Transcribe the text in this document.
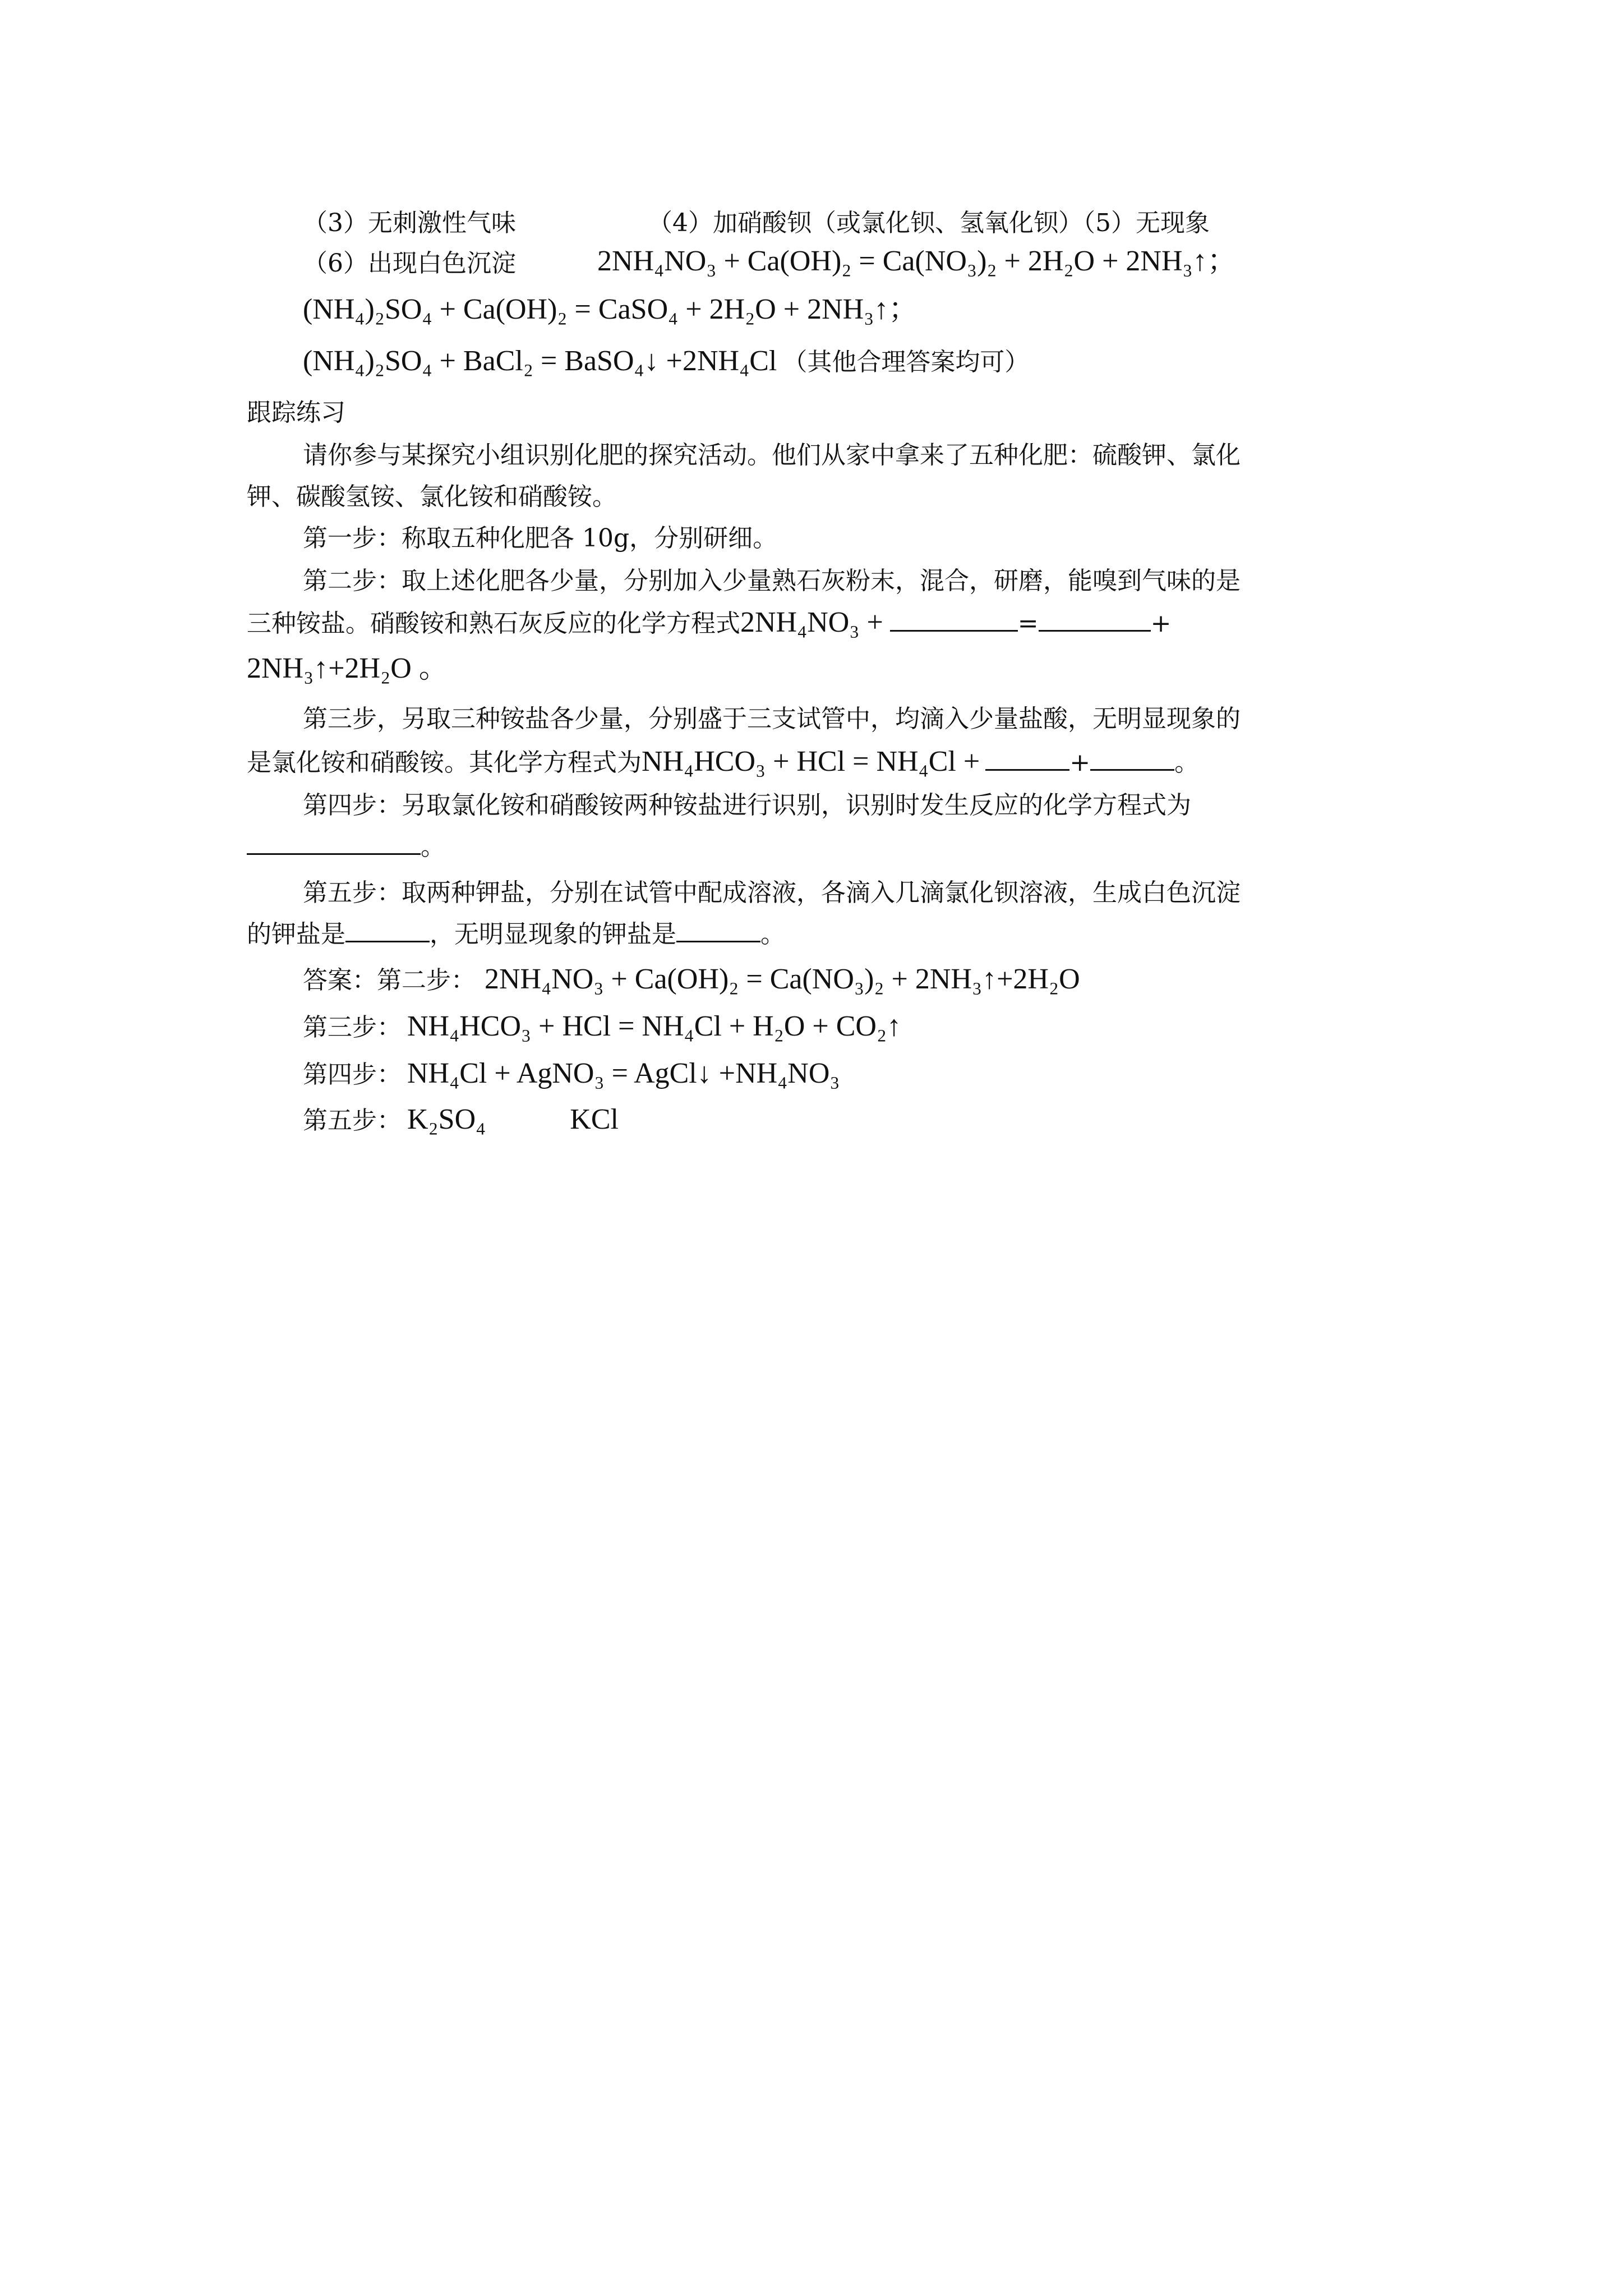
（3）无刺激性气味	（4）加硝酸钡（或氯化钡、氢氧化钡）（5）无现象
（6）出现白色沉淀	2NH₄NO₃ + Ca(OH)₂ = Ca(NO₃)₂ + 2H₂O + 2NH₃↑；
(NH₄)₂SO₄ + Ca(OH)₂ = CaSO₄ + 2H₂O + 2NH₃↑；
(NH₄)₂SO₄ + BaCl₂ = BaSO₄↓ +2NH₄Cl （其他合理答案均可）
跟踪练习
请你参与某探究小组识别化肥的探究活动。他们从家中拿来了五种化肥：硫酸钾、氯化
钾、碳酸氢铵、氯化铵和硝酸铵。
第一步：称取五种化肥各 10g，分别研细。
第二步：取上述化肥各少量，分别加入少量熟石灰粉末，混合，研磨，能嗅到气味的是
三种铵盐。硝酸铵和熟石灰反应的化学方程式2NH₄NO₃ +	=	+
2NH₃↑+2H₂O 。
第三步，另取三种铵盐各少量，分别盛于三支试管中，均滴入少量盐酸，无明显现象的
是氯化铵和硝酸铵。其化学方程式为NH₄HCO₃ + HCl = NH₄Cl +	+	。
第四步：另取氯化铵和硝酸铵两种铵盐进行识别，识别时发生反应的化学方程式为
。
第五步：取两种钾盐，分别在试管中配成溶液，各滴入几滴氯化钡溶液，生成白色沉淀
的钾盐是	，无明显现象的钾盐是	。
答案：第二步： 2NH₄NO₃ + Ca(OH)₂ = Ca(NO₃)₂ + 2NH₃↑+2H₂O
第三步： NH₄HCO₃ + HCl = NH₄Cl + H₂O + CO₂↑
第四步： NH₄Cl + AgNO₃ = AgCl↓ +NH₄NO₃
第五步： K₂SO₄	KCl
